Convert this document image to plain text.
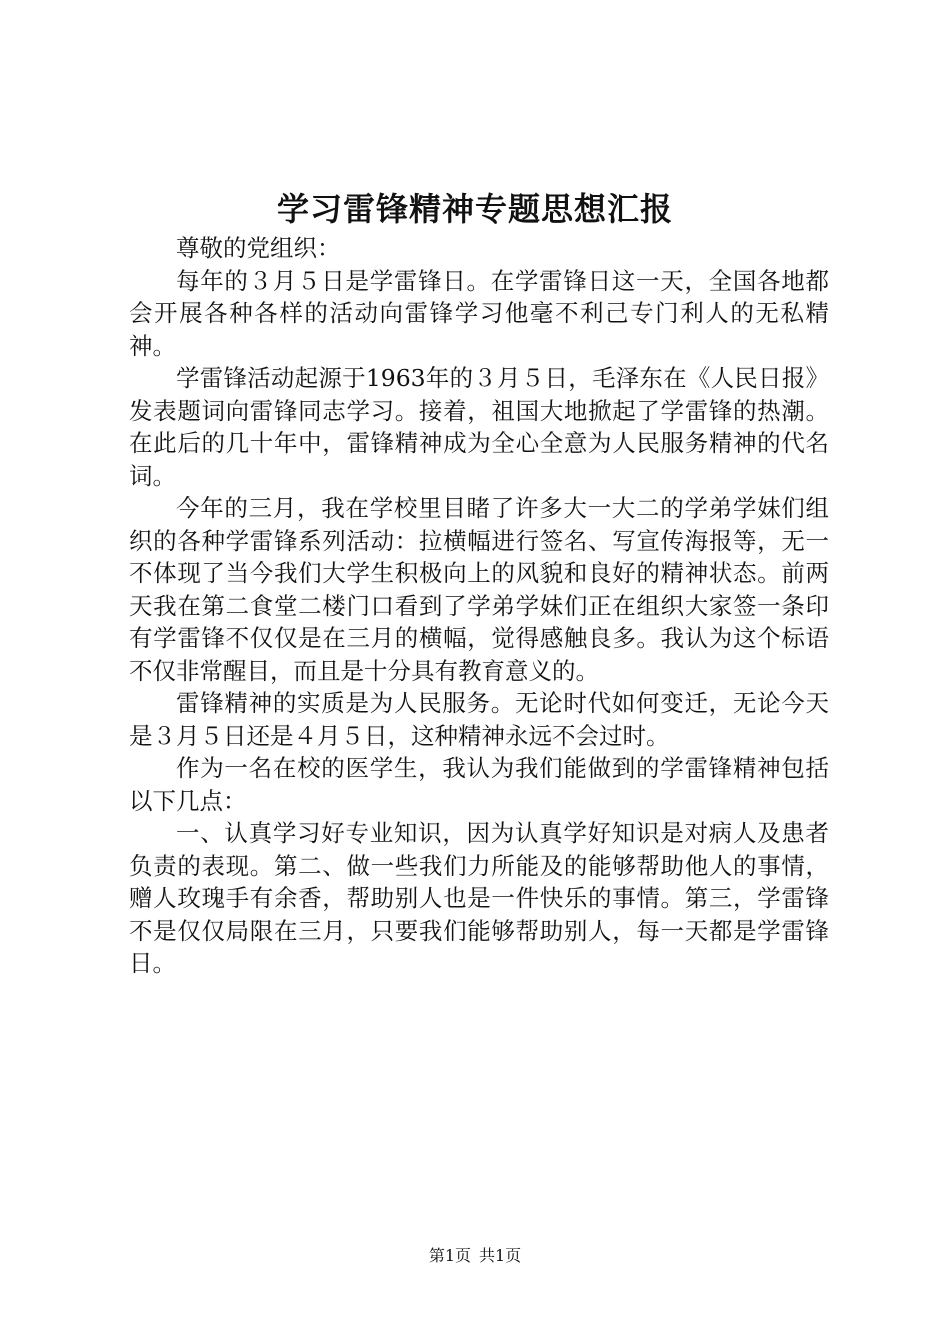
学习雷锋精神专题思想汇报
尊敬的党组织：

每年的３月５日是学雷锋日。在学雷锋日这一天，全国各地都会开展各种各样的活动向雷锋学习他毫不利己专门利人的无私精神。

学雷锋活动起源于1963年的３月５日，毛泽东在《人民日报》发表题词向雷锋同志学习。接着，祖国大地掀起了学雷锋的热潮。在此后的几十年中，雷锋精神成为全心全意为人民服务精神的代名词。

今年的三月，我在学校里目睹了许多大一大二的学弟学妹们组织的各种学雷锋系列活动：拉横幅进行签名、写宣传海报等，无一不体现了当今我们大学生积极向上的风貌和良好的精神状态。前两天我在第二食堂二楼门口看到了学弟学妹们正在组织大家签一条印有学雷锋不仅仅是在三月的横幅，觉得感触良多。我认为这个标语不仅非常醒目，而且是十分具有教育意义的。

雷锋精神的实质是为人民服务。无论时代如何变迁，无论今天是３月５日还是４月５日，这种精神永远不会过时。

作为一名在校的医学生，我认为我们能做到的学雷锋精神包括以下几点：

一、认真学习好专业知识，因为认真学好知识是对病人及患者负责的表现。第二、做一些我们力所能及的能够帮助他人的事情，赠人玫瑰手有余香，帮助别人也是一件快乐的事情。第三，学雷锋不是仅仅局限在三月，只要我们能够帮助别人，每一天都是学雷锋日。

第1页 共1页
